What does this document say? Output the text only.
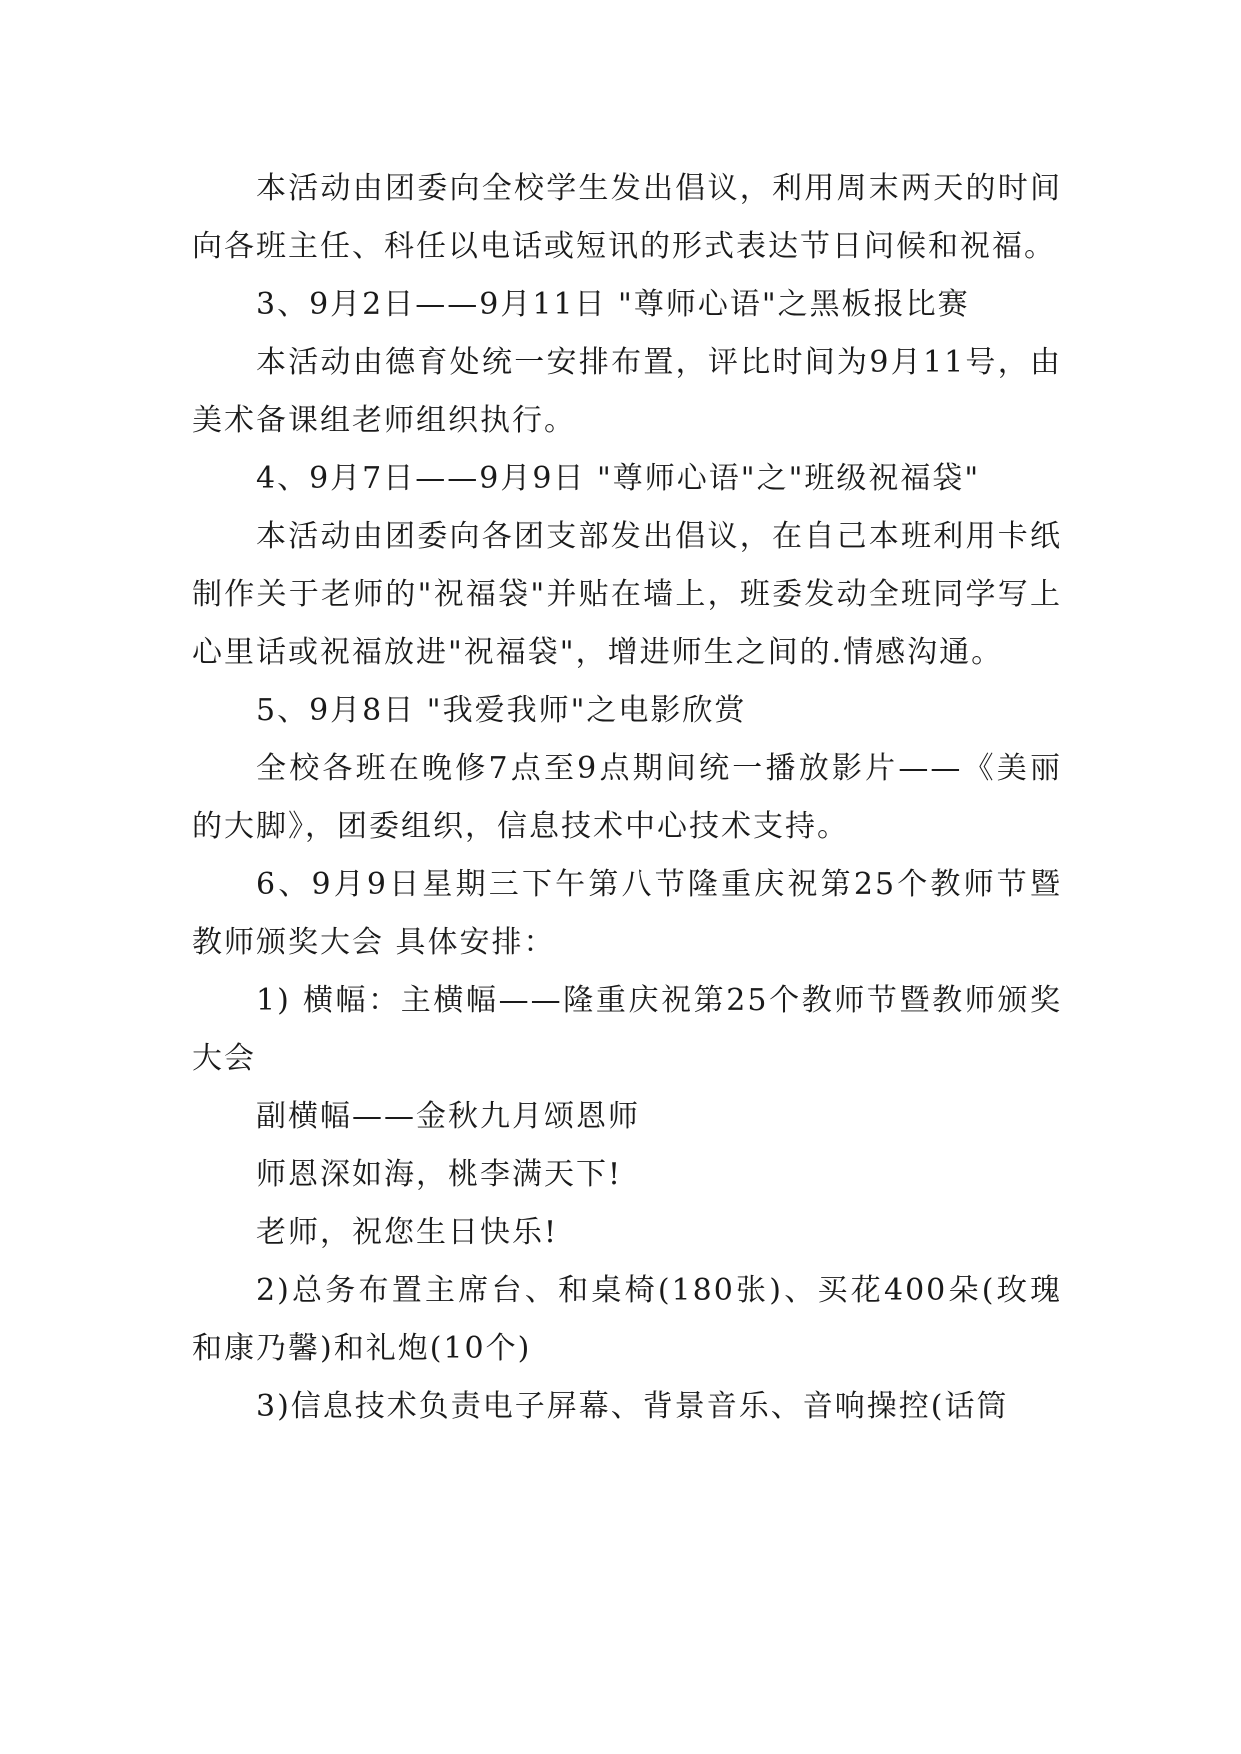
本活动由团委向全校学生发出倡议，利用周末两天的时间向各班主任、科任以电话或短讯的形式表达节日问候和祝福。

3、9月2日——9月11日 "尊师心语"之黑板报比赛

本活动由德育处统一安排布置，评比时间为9月11号，由美术备课组老师组织执行。

4、9月7日——9月9日 "尊师心语"之"班级祝福袋"

本活动由团委向各团支部发出倡议，在自己本班利用卡纸制作关于老师的"祝福袋"并贴在墙上，班委发动全班同学写上心里话或祝福放进"祝福袋"，增进师生之间的.情感沟通。

5、9月8日 "我爱我师"之电影欣赏

全校各班在晚修7点至9点期间统一播放影片——《美丽的大脚》，团委组织，信息技术中心技术支持。

6、9月9日星期三下午第八节隆重庆祝第25个教师节暨教师颁奖大会 具体安排：

1) 横幅：主横幅——隆重庆祝第25个教师节暨教师颁奖大会

副横幅——金秋九月颂恩师

师恩深如海，桃李满天下!

老师，祝您生日快乐!

2)总务布置主席台、和桌椅(180张)、买花400朵(玫瑰和康乃馨)和礼炮(10个)

3)信息技术负责电子屏幕、背景音乐、音响操控(话筒
